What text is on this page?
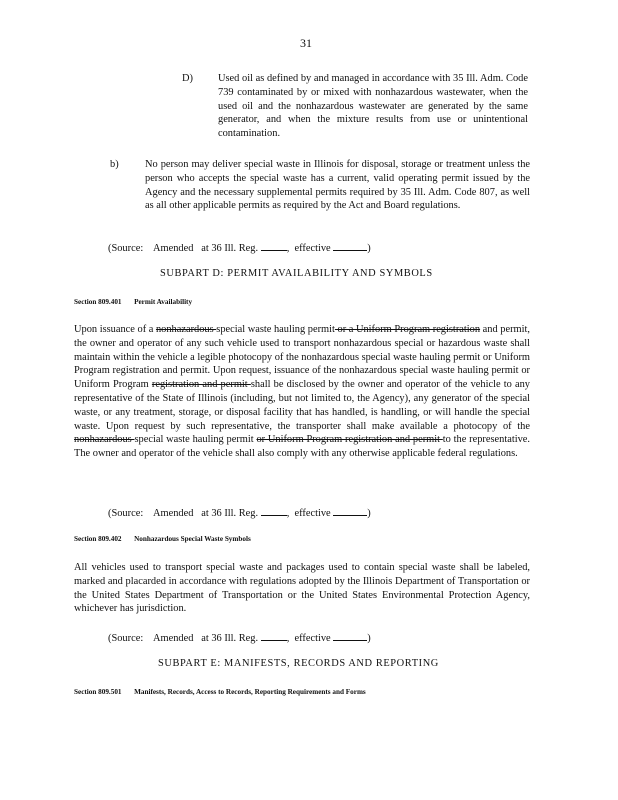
31
D) Used oil as defined by and managed in accordance with 35 Ill. Adm. Code 739 contaminated by or mixed with nonhazardous wastewater, when the used oil and the nonhazardous wastewater are generated by the same generator, and when the mixture results from use or unintentional contamination.
b)	No person may deliver special waste in Illinois for disposal, storage or treatment unless the person who accepts the special waste has a current, valid operating permit issued by the Agency and the necessary supplemental permits required by 35 Ill. Adm. Code 807, as well as all other applicable permits as required by the Act and Board regulations.
(Source: Amended at 36 Ill. Reg.	,  effective	)
SUBPART D: PERMIT AVAILABILITY AND SYMBOLS
Section 809.401 Permit Availability
Upon issuance of a nonhazardous special waste hauling permit or a Uniform Program registration and permit, the owner and operator of any such vehicle used to transport nonhazardous special or hazardous waste shall maintain within the vehicle a legible photocopy of the nonhazardous special waste hauling permit or Uniform Program registration and permit. Upon request, issuance of the nonhazardous special waste hauling permit or Uniform Program registration and permit shall be disclosed by the owner and operator of the vehicle to any representative of the State of Illinois (including, but not limited to, the Agency), any generator of the special waste, or any treatment, storage, or disposal facility that has handled, is handling, or will handle the special waste. Upon request by such representative, the transporter shall make available a photocopy of the nonhazardous special waste hauling permit or Uniform Program registration and permit to the representative. The owner and operator of the vehicle shall also comply with any otherwise applicable federal regulations.
(Source: Amended at 36 Ill. Reg.	,  effective	)
Section 809.402 Nonhazardous Special Waste Symbols
All vehicles used to transport special waste and packages used to contain special waste shall be labeled, marked and placarded in accordance with regulations adopted by the Illinois Department of Transportation or the United States Department of Transportation or the United States Environmental Protection Agency, whichever has jurisdiction.
(Source: Amended at 36 Ill. Reg.	,  effective	)
SUBPART E: MANIFESTS, RECORDS AND REPORTING
Section 809.501 Manifests, Records, Access to Records, Reporting Requirements and Forms
